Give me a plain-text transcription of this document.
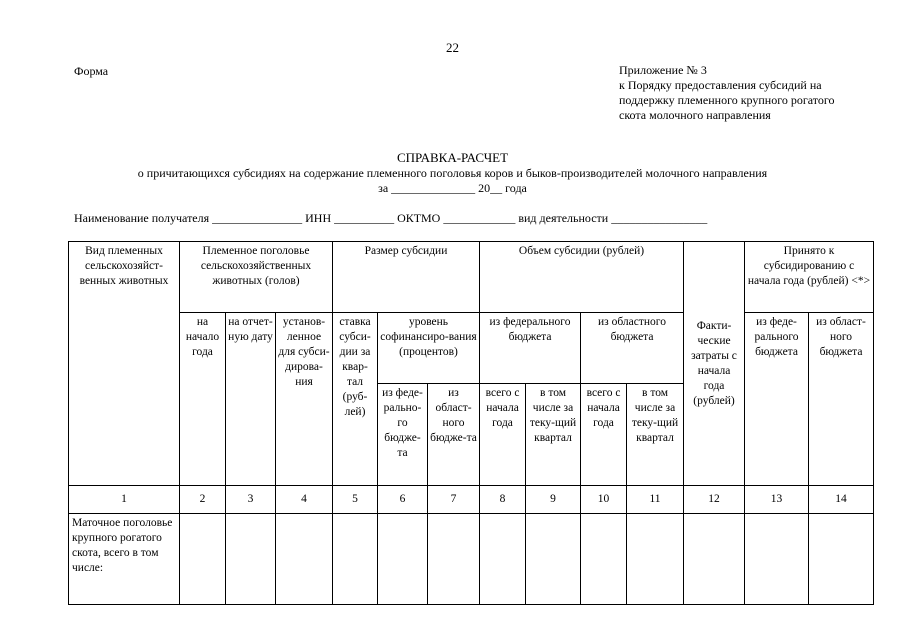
22
Форма	Приложение № 3
к Порядку предоставления субсидий на
поддержку племенного крупного рогатого
скота молочного направления
СПРАВКА-РАСЧЕТ
о причитающихся субсидиях на содержание племенного поголовья коров и быков-производителей молочного направления
за ______________ 20__ года
Наименование получателя _______________ ИНН __________ ОКТМО ____________ вид деятельности ________________
Вид племенных сельскохозяйст-венных животных	Племенное поголовье сельскохозяйственных животных (голов)			Размер субсидии			Объем субсидии (рублей)				Факти-ческие затраты с начала года (рублей)	Принято к субсидированию с начала года (рублей) <*>	
	на начало года	на отчет-ную дату	установ-ленное для субси-дирова-ния	ставка субси-дии за квар-тал (руб-лей)	уровень софинансиро-вания (процентов)		из федерального бюджета		из областного бюджета			из феде-рального бюджета	из област-ного бюджета
					из феде-рально-го бюдже-та	из област-ного бюдже-та	всего с начала года	в том числе за теку-щий квартал	всего с начала года	в том числе за теку-щий квартал			
1	2	3	4	5	6	7	8	9	10	11	12	13	14
Маточное поголовье крупного рогатого скота, всего в том числе:													
